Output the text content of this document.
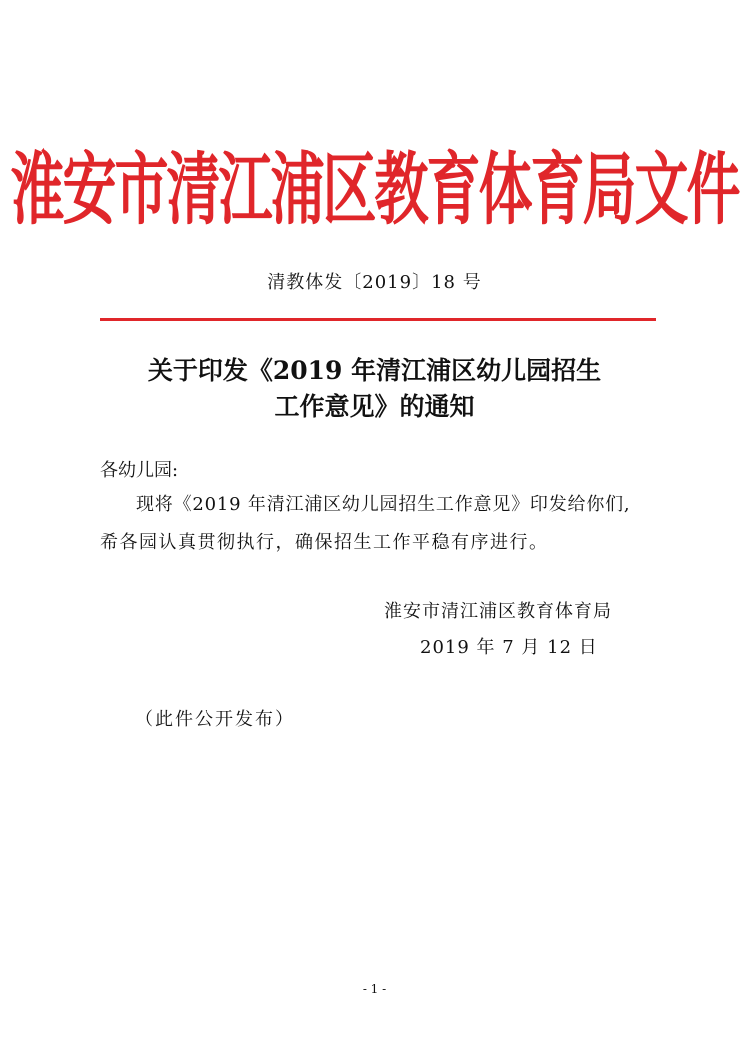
淮安市清江浦区教育体育局文件
清教体发〔2019〕18 号
关于印发《2019 年清江浦区幼儿园招生
工作意见》的通知
各幼儿园:
现将《2019 年清江浦区幼儿园招生工作意见》印发给你们,
希各园认真贯彻执行，确保招生工作平稳有序进行。
淮安市清江浦区教育体育局
2019 年 7 月 12 日
（此件公开发布）
- 1 -
